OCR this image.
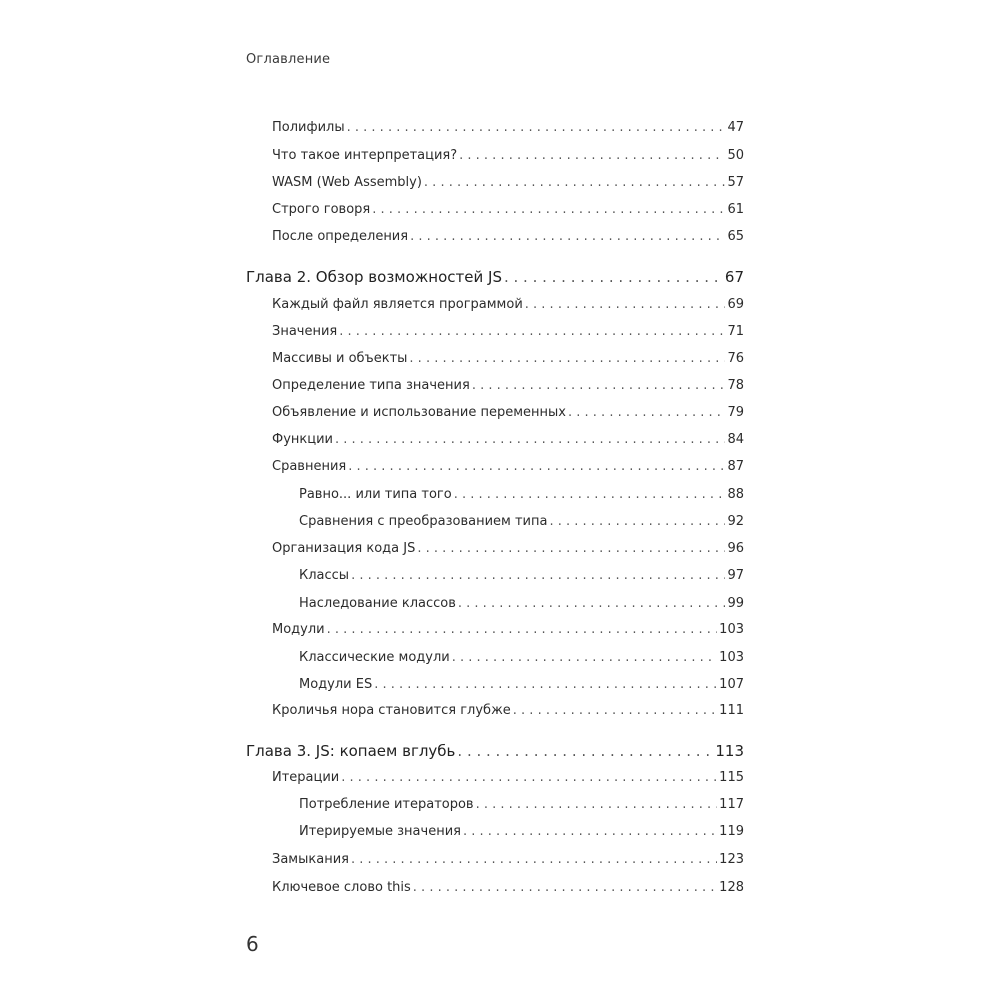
Оглавление
Полифилы . . .	47
Что такое интерпретация? . . .	50
WASM (Web Assembly) . . .	57
Строго говоря . . .	61
После определения . . .	65
Глава 2. Обзор возможностей JS . . .	67
Каждый файл является программой . . .	69
Значения . . .	71
Массивы и объекты . . .	76
Определение типа значения . . .	78
Объявление и использование переменных . . .	79
Функции . . .	84
Сравнения . . .	87
Равно... или типа того . . .	88
Сравнения с преобразованием типа . . .	92
Организация кода JS . . .	96
Классы . . .	97
Наследование классов . . .	99
Модули . . .	103
Классические модули . . .	103
Модули ES . . .	107
Кроличья нора становится глубже . . .	111
Глава 3. JS: копаем вглубь . . .	113
Итерации . . .	115
Потребление итераторов . . .	117
Итерируемые значения . . .	119
Замыкания . . .	123
Ключевое слово this . . .	128
6
